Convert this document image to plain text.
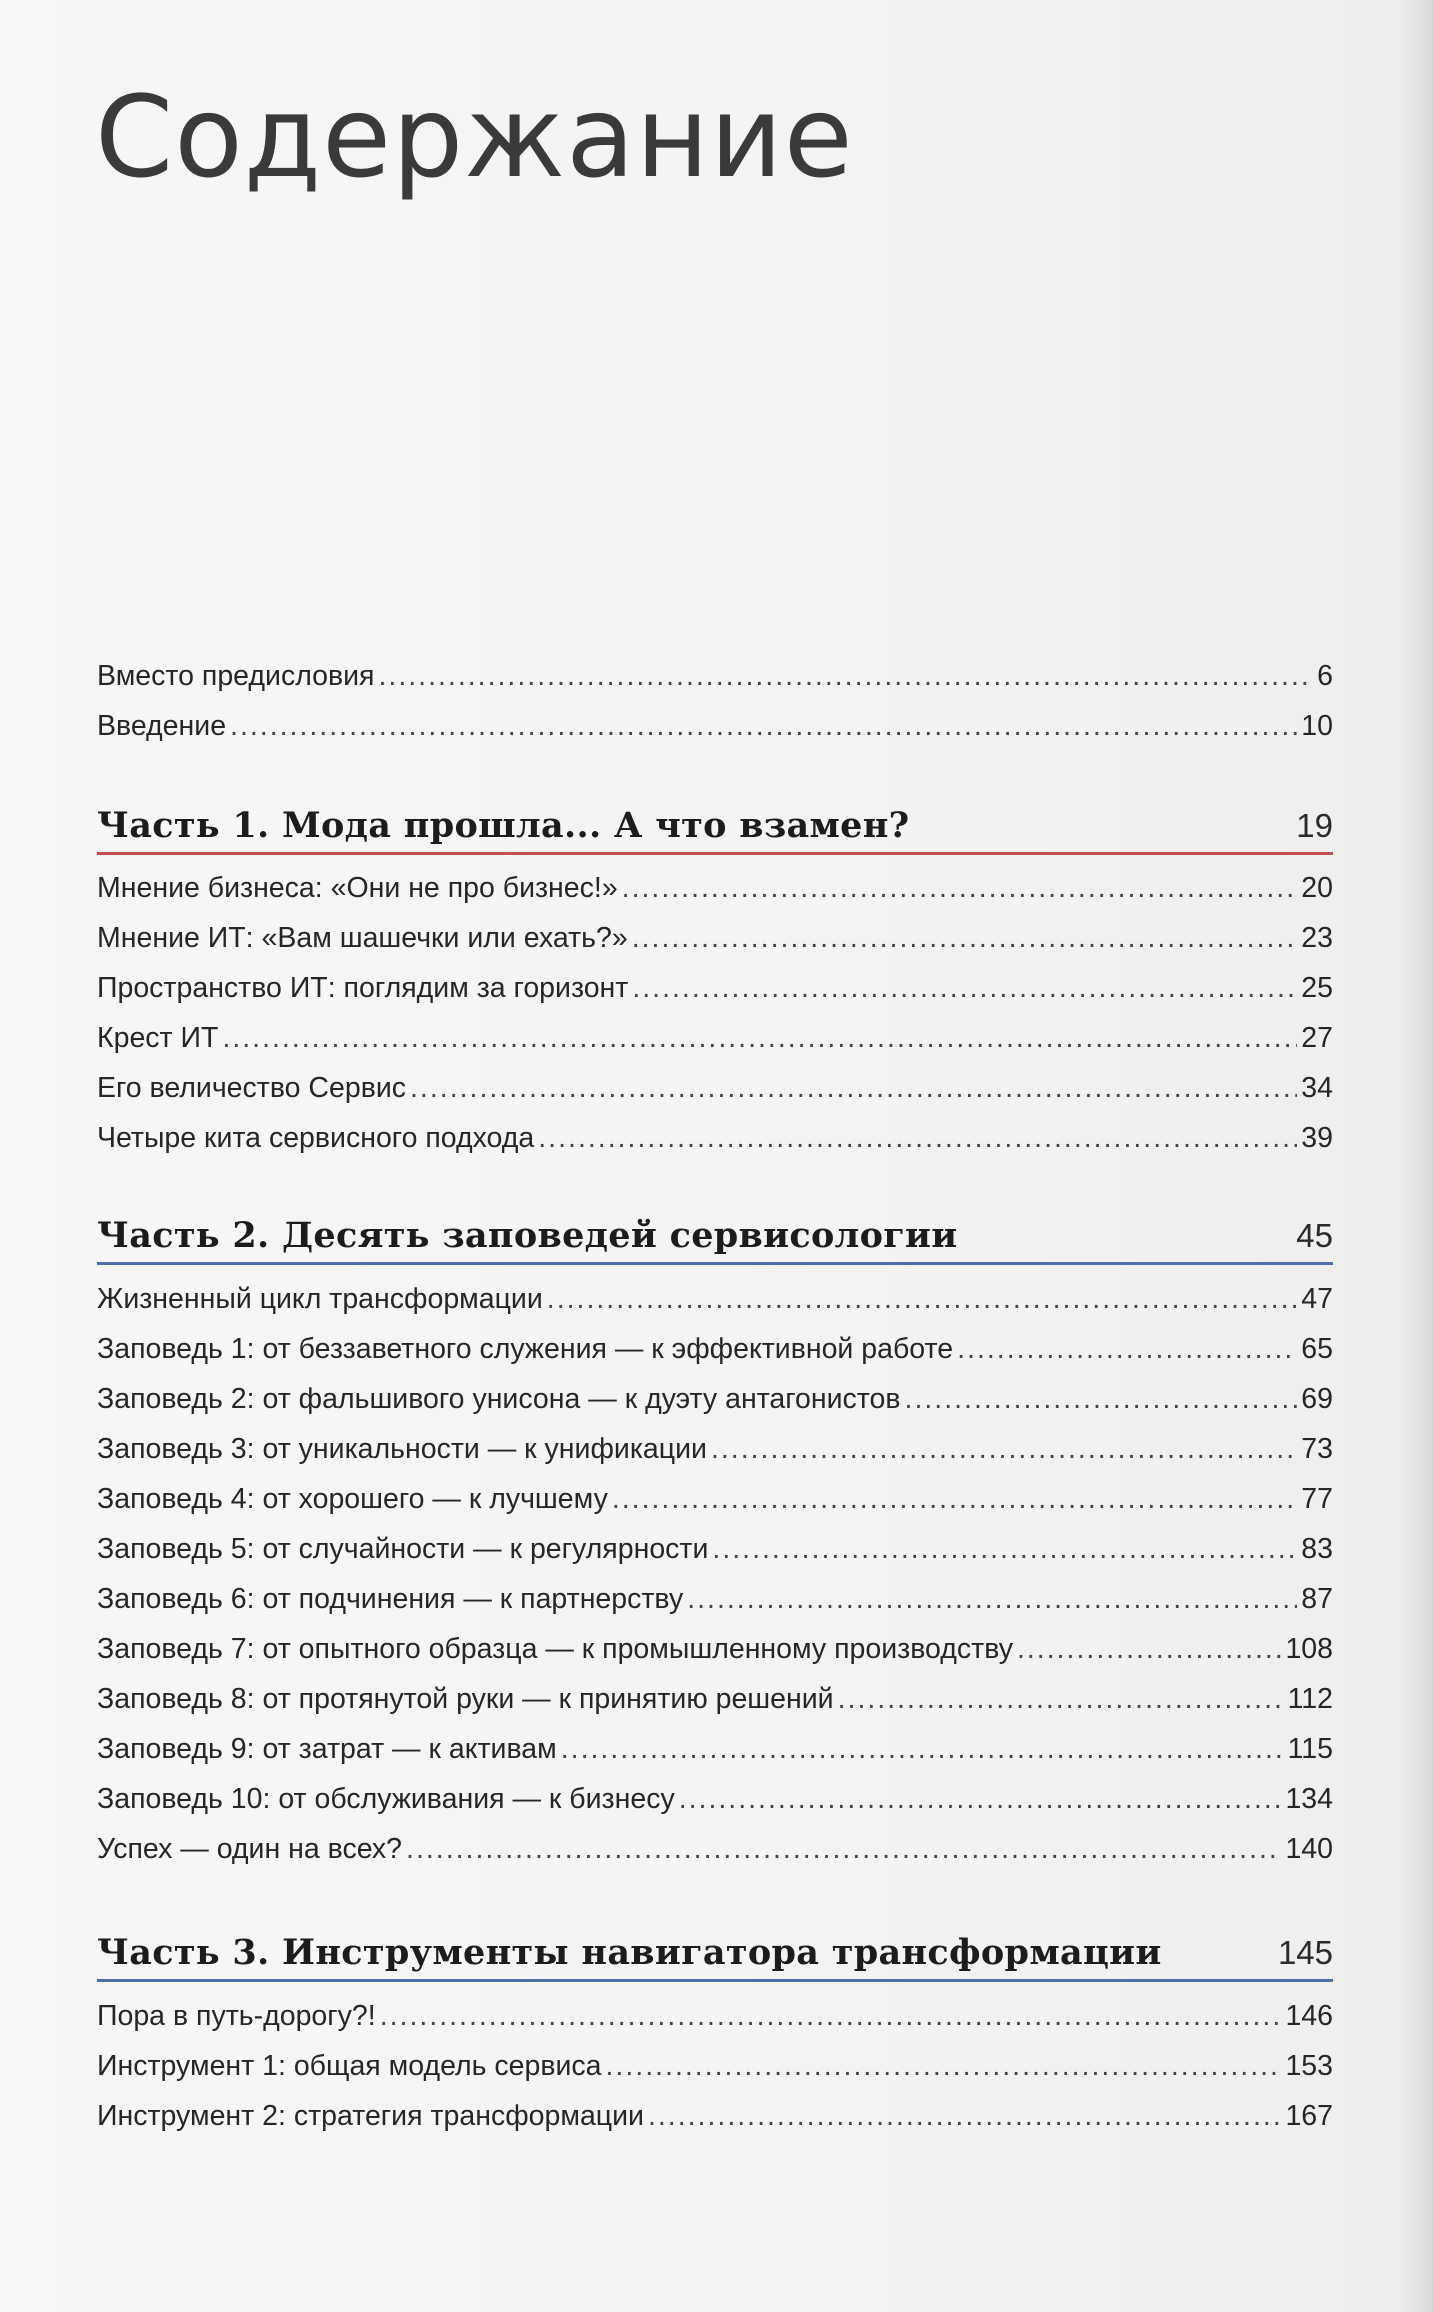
Содержание
Вместо предисловия .....	6
Введение .....	10
Часть 1. Мода прошла... А что взамен?	19
Мнение бизнеса: «Они не про бизнес!» .....	20
Мнение ИТ: «Вам шашечки или ехать?» .....	23
Пространство ИТ: поглядим за горизонт .....	25
Крест ИТ .....	27
Его величество Сервис .....	34
Четыре кита сервисного подхода .....	39
Часть 2. Десять заповедей сервисологии	45
Жизненный цикл трансформации .....	47
Заповедь 1: от беззаветного служения — к эффективной работе .....	65
Заповедь 2: от фальшивого унисона — к дуэту антагонистов .....	69
Заповедь 3: от уникальности — к унификации .....	73
Заповедь 4: от хорошего — к лучшему .....	77
Заповедь 5: от случайности — к регулярности .....	83
Заповедь 6: от подчинения — к партнерству .....	87
Заповедь 7: от опытного образца — к промышленному производству .....	108
Заповедь 8: от протянутой руки — к принятию решений .....	112
Заповедь 9: от затрат — к активам .....	115
Заповедь 10: от обслуживания — к бизнесу .....	134
Успех — один на всех? .....	140
Часть 3. Инструменты навигатора трансформации	145
Пора в путь-дорогу?! .....	146
Инструмент 1: общая модель сервиса .....	153
Инструмент 2: стратегия трансформации .....	167
